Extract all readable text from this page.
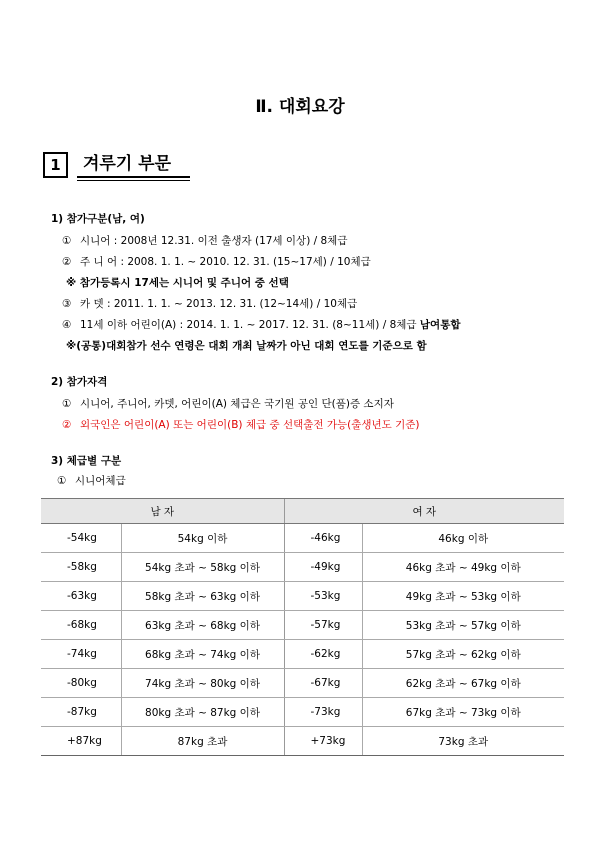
Ⅱ. 대회요강
1	겨루기 부문
1) 참가구분(남, 여)
① 시니어 : 2008년 12.31. 이전 출생자 (17세 이상) / 8체급
② 주 니 어 : 2008. 1. 1. ~ 2010. 12. 31. (15~17세) / 10체급
※ 참가등록시 17세는 시니어 및 주니어 중 선택
③ 카 뎃 : 2011. 1. 1. ~ 2013. 12. 31. (12~14세) / 10체급
④ 11세 이하 어린이(A) : 2014. 1. 1. ~ 2017. 12. 31. (8~11세) / 8체급 남여통합
※(공통)대회참가 선수 연령은 대회 개최 날짜가 아닌 대회 연도를 기준으로 함
2) 참가자격
① 시니어, 주니어, 카뎃, 어린이(A) 체급은 국기원 공인 단(품)증 소지자
② 외국인은 어린이(A) 또는 어린이(B) 체급 중 선택출전 가능(출생년도 기준)
3) 체급별 구분
① 시니어체급
남 자		여 자	
-54kg	54kg 이하	-46kg	46kg 이하
-58kg	54kg 초과 ~ 58kg 이하	-49kg	46kg 초과 ~ 49kg 이하
-63kg	58kg 초과 ~ 63kg 이하	-53kg	49kg 초과 ~ 53kg 이하
-68kg	63kg 초과 ~ 68kg 이하	-57kg	53kg 초과 ~ 57kg 이하
-74kg	68kg 초과 ~ 74kg 이하	-62kg	57kg 초과 ~ 62kg 이하
-80kg	74kg 초과 ~ 80kg 이하	-67kg	62kg 초과 ~ 67kg 이하
-87kg	80kg 초과 ~ 87kg 이하	-73kg	67kg 초과 ~ 73kg 이하
+87kg	87kg 초과	+73kg	73kg 초과
